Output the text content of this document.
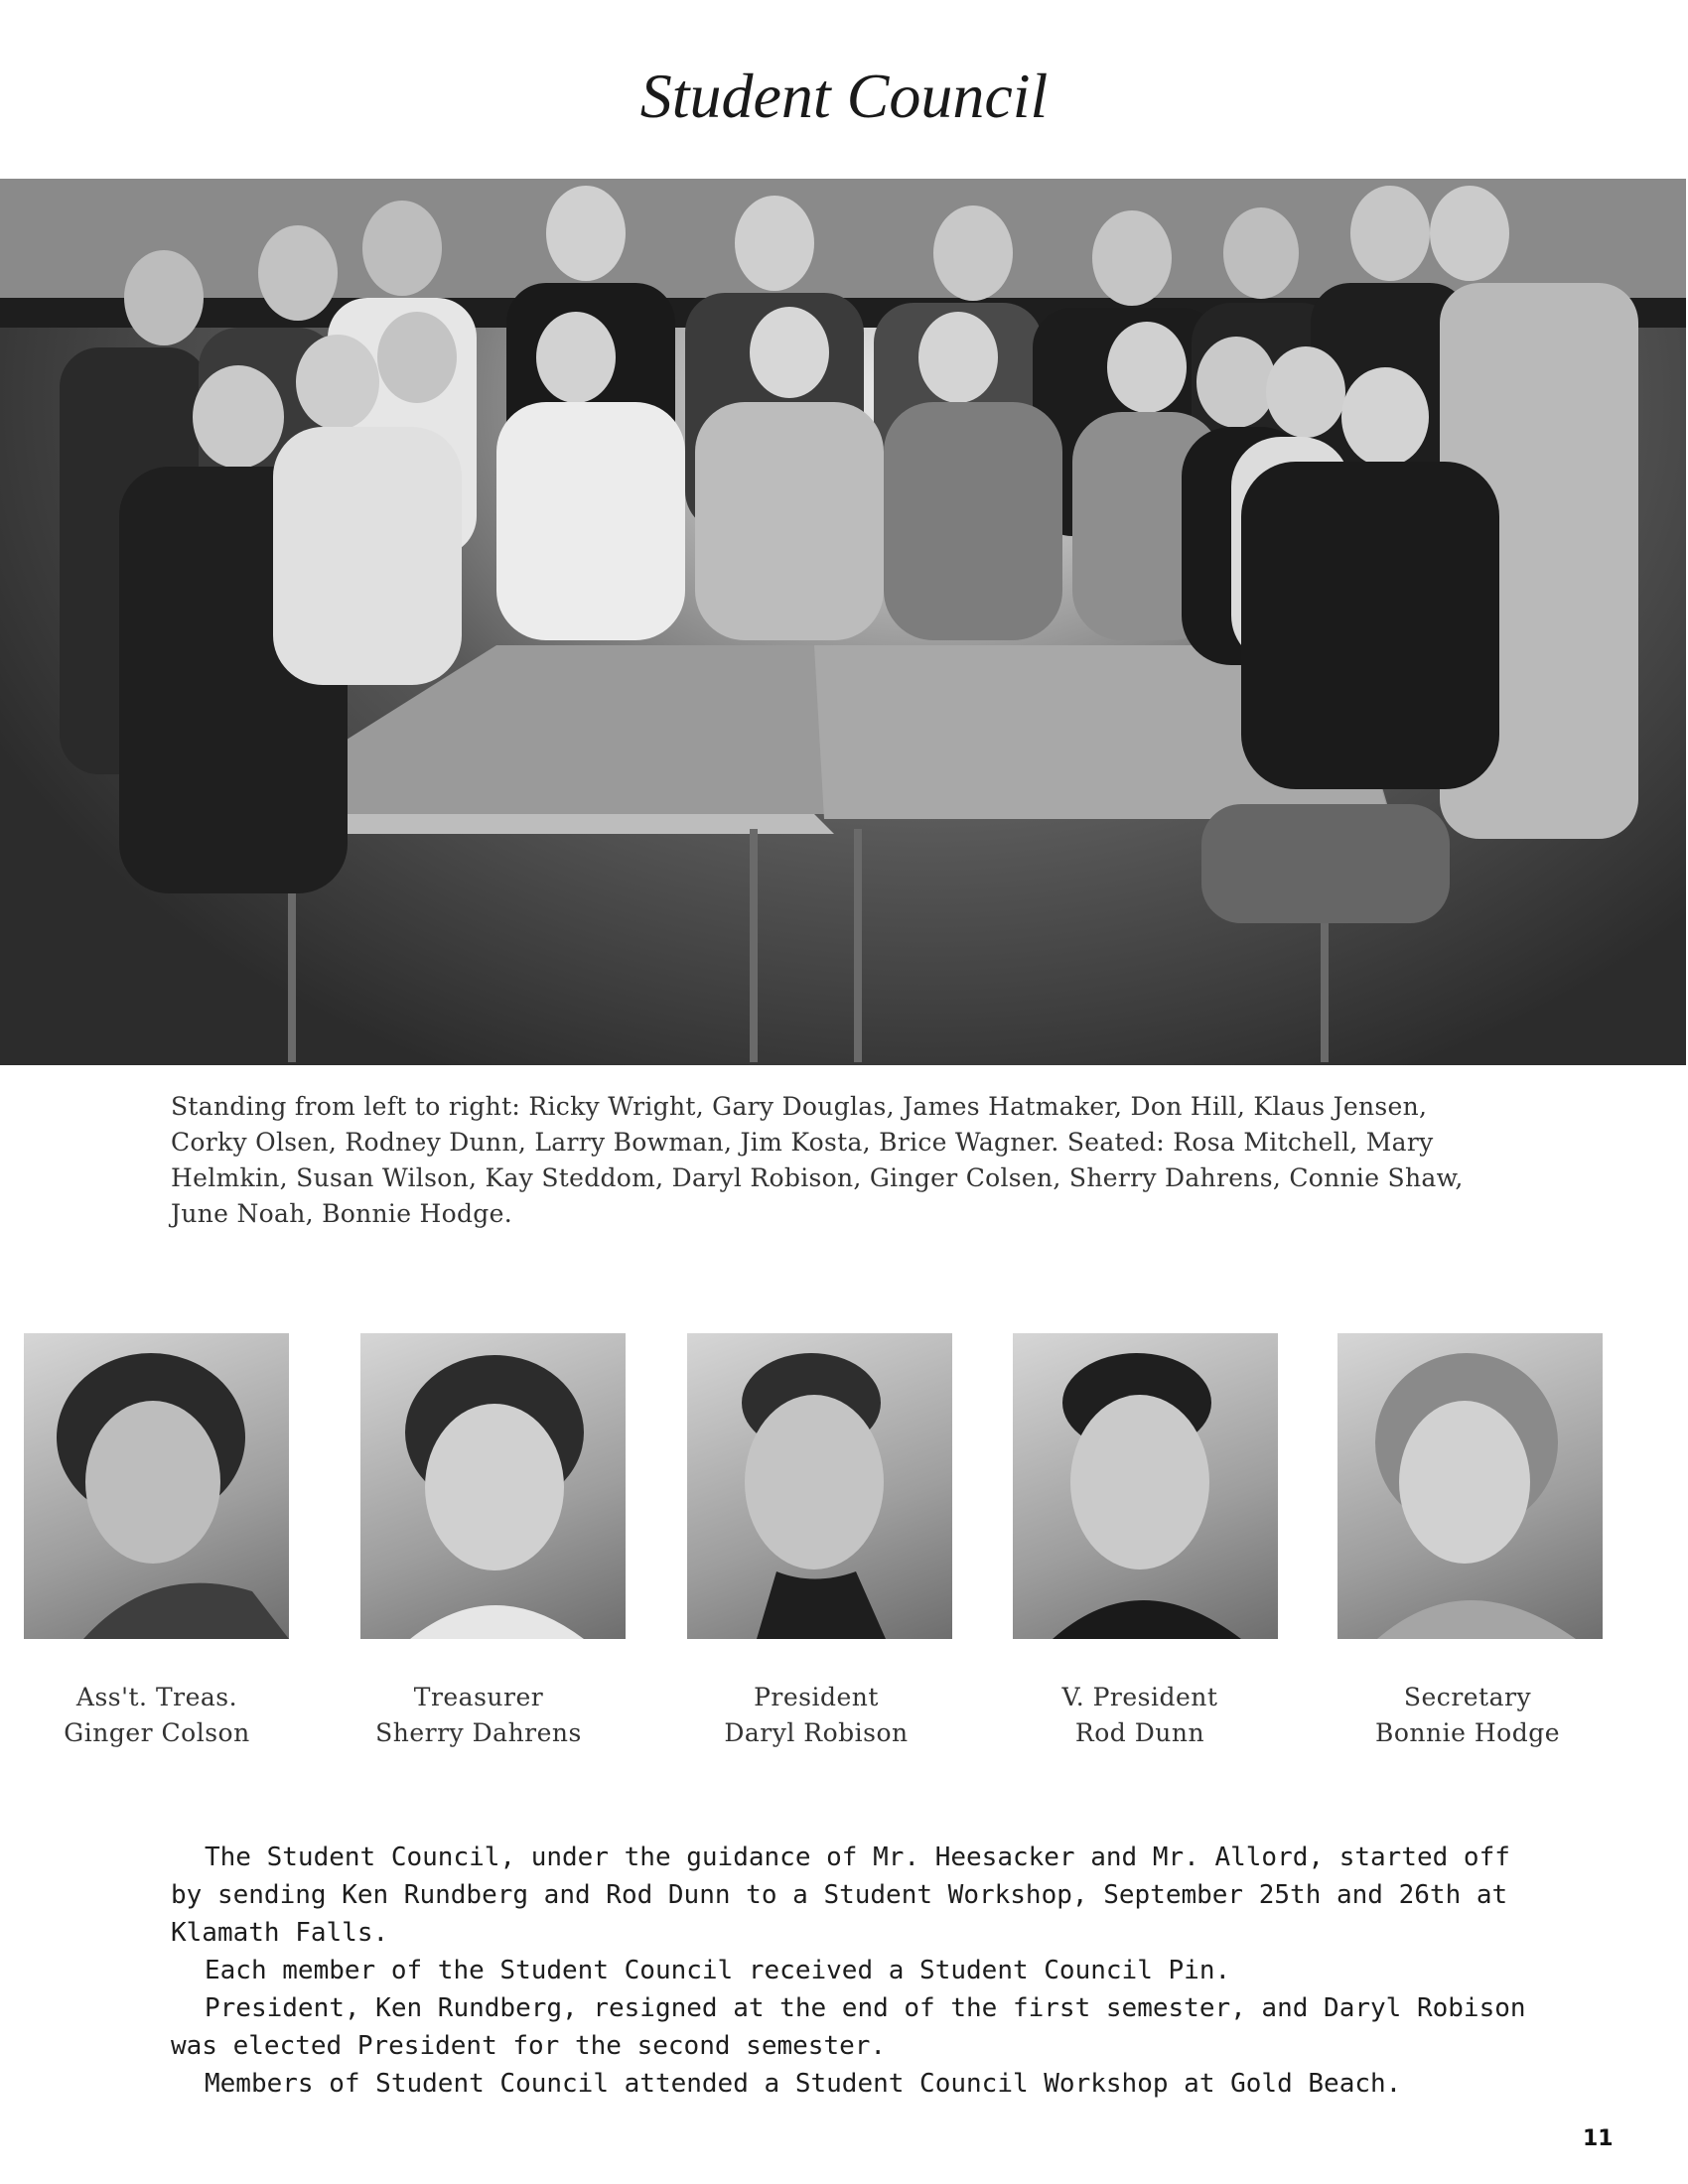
Student Council
Standing from left to right: Ricky Wright, Gary Douglas, James Hatmaker, Don Hill, Klaus Jensen, Corky Olsen, Rodney Dunn, Larry Bowman, Jim Kosta, Brice Wagner. Seated: Rosa Mitchell, Mary Helmkin, Susan Wilson, Kay Steddom, Daryl Robison, Ginger Colsen, Sherry Dahrens, Connie Shaw, June Noah, Bonnie Hodge.
Ass't. Treas.
Ginger Colson
Treasurer
Sherry Dahrens
President
Daryl Robison
V. President
Rod Dunn
Secretary
Bonnie Hodge

The Student Council, under the guidance of Mr. Heesacker and Mr. Allord, started off by sending Ken Rundberg and Rod Dunn to a Student Workshop, September 25th and 26th at Klamath Falls.

Each member of the Student Council received a Student Council Pin.

President, Ken Rundberg, resigned at the end of the first semester, and Daryl Robison was elected President for the second semester.

Members of Student Council attended a Student Council Workshop at Gold Beach.

11
